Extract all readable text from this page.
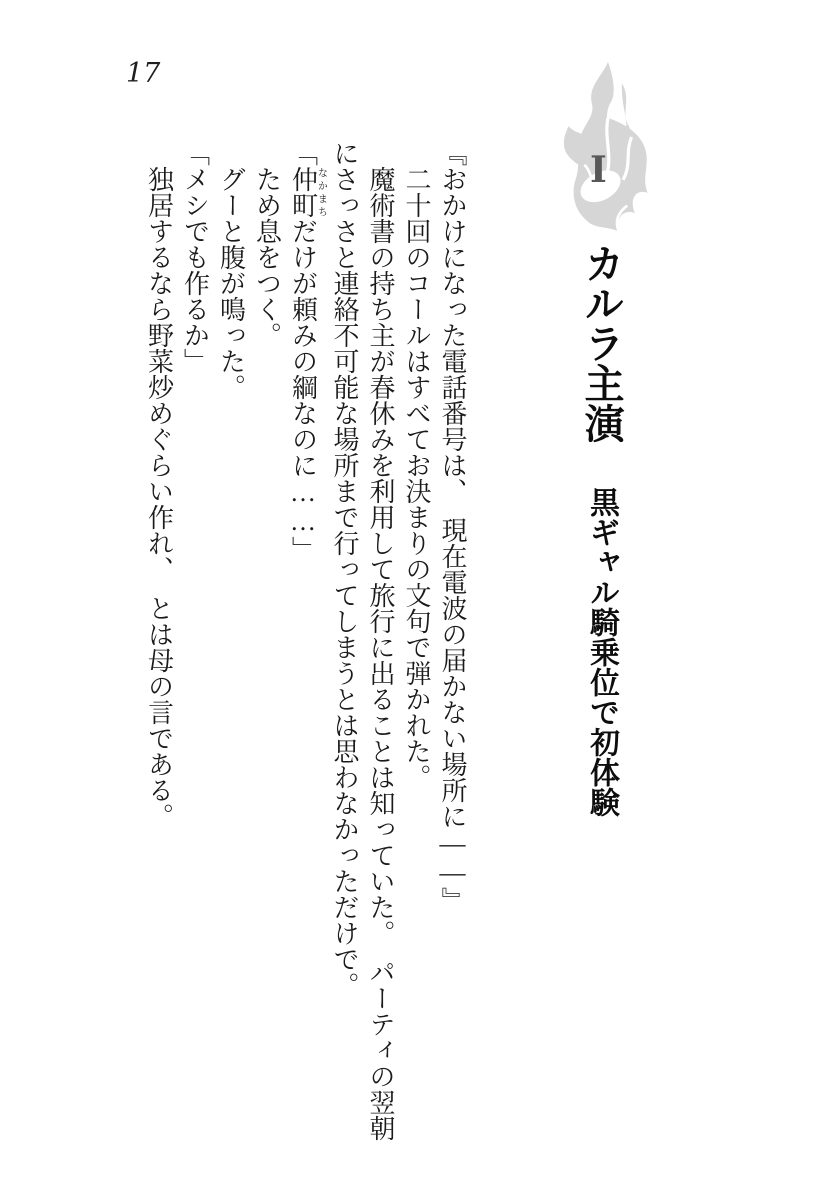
17
I
カルラ主演黒ギャル騎乗位で初体験

『おかけになった電話番号は、　現在電波の届かない場所に――』

二十回のコールはすべてお決まりの文句で弾かれた。

魔術書の持ち主が春休みを利用して旅行に出ることは知っていた。　パーティの翌朝

にさっさと連絡不可能な場所まで行ってしまうとは思わなかっただけで。

「仲町なかまちだけが頼みの綱なのに……」

ため息をつく。

グーと腹が鳴った。

「メシでも作るか」

独居するなら野菜炒めぐらい作れ、　とは母の言である。
